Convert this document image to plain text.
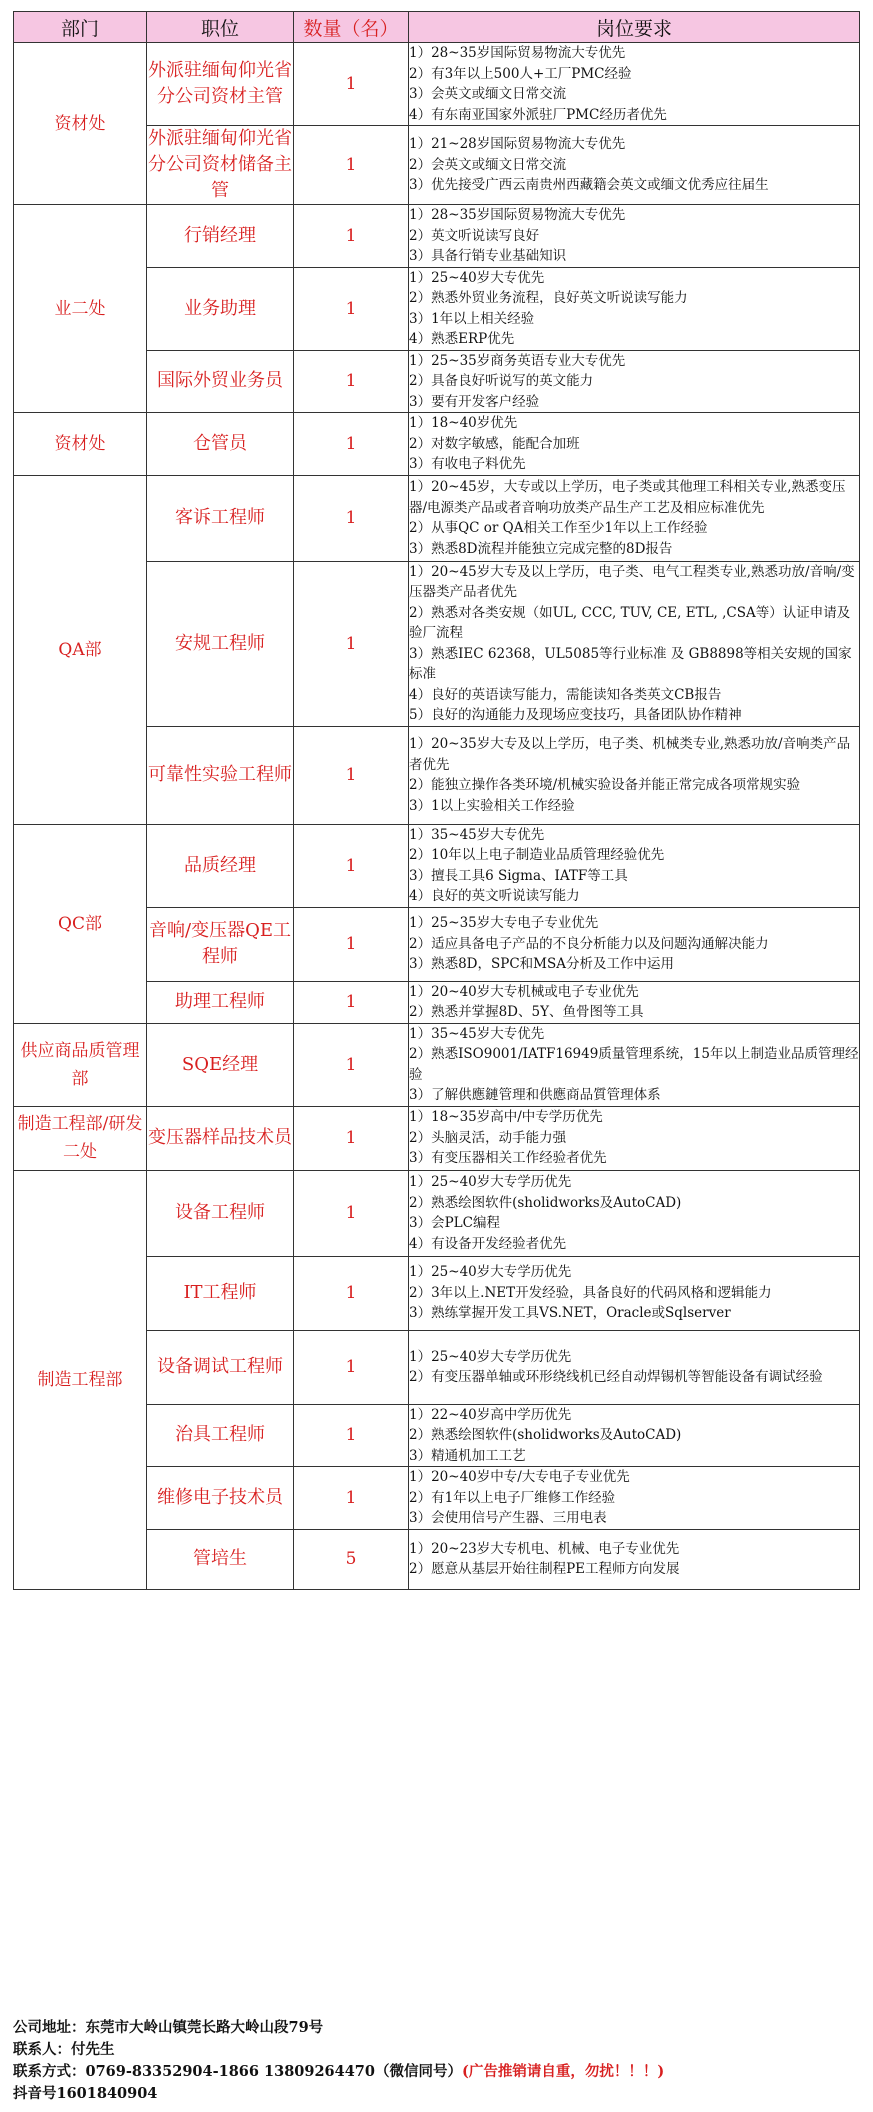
部门	职位	数量（名）	岗位要求
资材处	外派驻缅甸仰光省分公司资材主管	1	1）28~35岁国际贸易物流大专优先
2）有3年以上500人+工厂PMC经验
3）会英文或缅文日常交流
4）有东南亚国家外派驻厂PMC经历者优先

	外派驻缅甸仰光省分公司资材储备主管	1	1）21~28岁国际贸易物流大专优先
2）会英文或缅文日常交流
3）优先接受广西云南贵州西藏籍会英文或缅文优秀应往届生

业二处	行销经理	1	1）28~35岁国际贸易物流大专优先
2）英文听说读写良好
3）具备行销专业基础知识

	业务助理	1	1）25~40岁大专优先
2）熟悉外贸业务流程，良好英文听说读写能力
3）1年以上相关经验
4）熟悉ERP优先

	国际外贸业务员	1	1）25~35岁商务英语专业大专优先
2）具备良好听说写的英文能力
3）要有开发客户经验

资材处	仓管员	1	1）18~40岁优先
2）对数字敏感，能配合加班
3）有收电子料优先

QA部	客诉工程师	1	1）20~45岁，大专或以上学历，电子类或其他理工科相关专业,熟悉变压器/电源类产品或者音响功放类产品生产工艺及相应标准优先
2）从事QC or QA相关工作至少1年以上工作经验
3）熟悉8D流程并能独立完成完整的8D报告

	安规工程师	1	1）20~45岁大专及以上学历，电子类、电气工程类专业,熟悉功放/音响/变压器类产品者优先
2）熟悉对各类安规（如UL, CCC, TUV, CE, ETL, ,CSA等）认证申请及验厂流程
3）熟悉IEC 62368，UL5085等行业标准 及 GB8898等相关安规的国家标准
4）良好的英语读写能力，需能读知各类英文CB报告
5）良好的沟通能力及现场应变技巧，具备团队协作精神

	可靠性实验工程师	1	1）20~35岁大专及以上学历，电子类、机械类专业,熟悉功放/音响类产品者优先
2）能独立操作各类环境/机械实验设备并能正常完成各项常规实验
3）1以上实验相关工作经验

QC部	品质经理	1	1）35~45岁大专优先
2）10年以上电子制造业品质管理经验优先
3）擅長工具6 Sigma、IATF等工具
4）良好的英文听说读写能力

	音响/变压器QE工程师	1	1）25~35岁大专电子专业优先
2）适应具备电子产品的不良分析能力以及问题沟通解决能力
3）熟悉8D，SPC和MSA分析及工作中运用

	助理工程师	1	1）20~40岁大专机械或电子专业优先
2）熟悉并掌握8D、5Y、鱼骨图等工具

供应商品质管理部	SQE经理	1	1）35~45岁大专优先
2）熟悉ISO9001/IATF16949质量管理系统，15年以上制造业品质管理经验
3）了解供應鏈管理和供應商品質管理体系

制造工程部/研发二处	变压器样品技术员	1	1）18~35岁高中/中专学历优先
2）头脑灵活，动手能力强
3）有变压器相关工作经验者优先

制造工程部	设备工程师	1	1）25~40岁大专学历优先
2）熟悉绘图软件(sholidworks及AutoCAD)
3）会PLC编程
4）有设备开发经验者优先

	IT工程师	1	1）25~40岁大专学历优先
2）3年以上.NET开发经验，具备良好的代码风格和逻辑能力
3）熟练掌握开发工具VS.NET，Oracle或Sqlserver

	设备调试工程师	1	1）25~40岁大专学历优先
2）有变压器单轴或环形绕线机已经自动焊锡机等智能设备有调试经验

	治具工程师	1	1）22~40岁高中学历优先
2）熟悉绘图软件(sholidworks及AutoCAD)
3）精通机加工工艺

	维修电子技术员	1	1）20~40岁中专/大专电子专业优先
2）有1年以上电子厂维修工作经验
3）会使用信号产生器、三用电表

	管培生	5	1）20~23岁大专机电、机械、电子专业优先
2）愿意从基层开始往制程PE工程师方向发展
公司地址：东莞市大岭山镇莞长路大岭山段79号
联系人：付先生
联系方式：0769-83352904-1866 13809264470（微信同号）(广告推销请自重，勿扰！！！)
抖音号1601840904
